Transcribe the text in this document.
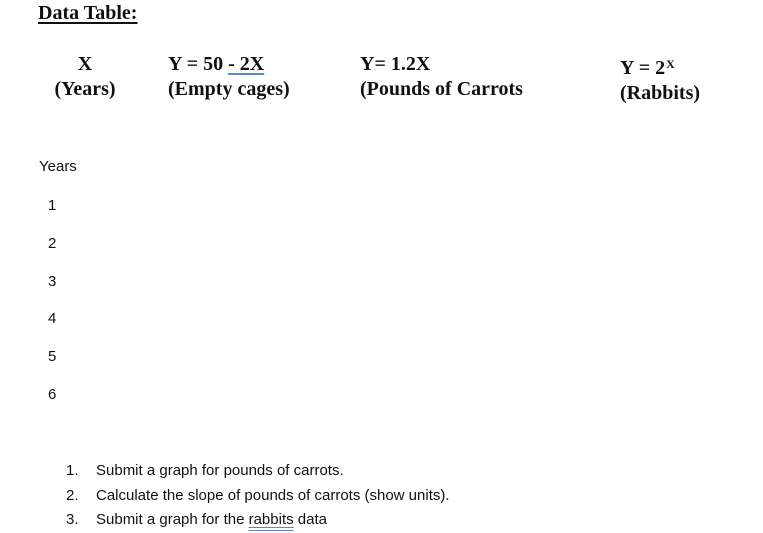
Data Table:
X
(Years)
Y = 50 - 2X
(Empty cages)
Y= 1.2X
(Pounds of Carrots
$Y = 2^X$
(Rabbits)
Years
1
2
3
4
5
6
1. Submit a graph for pounds of carrots.
2. Calculate the slope of pounds of carrots (show units).
3. Submit a graph for the rabbits data
